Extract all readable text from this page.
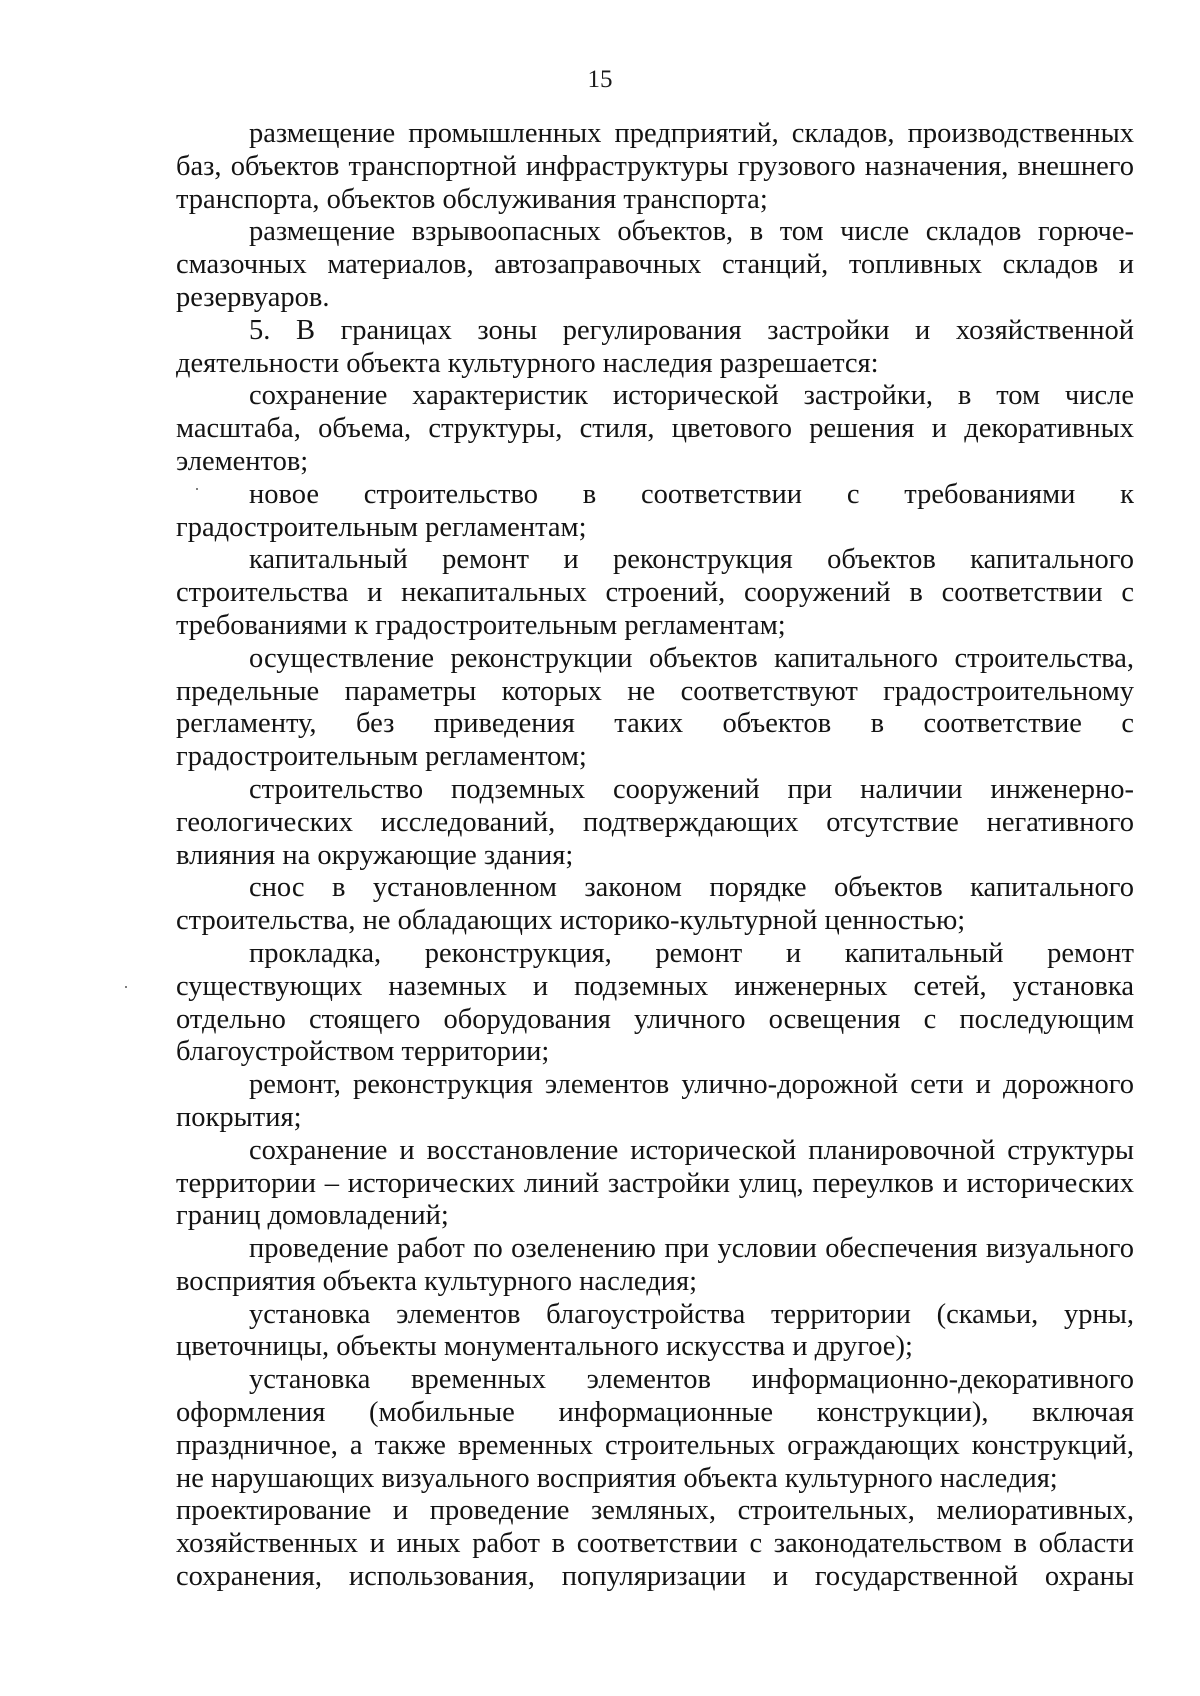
15

размещение промышленных предприятий, складов, производственных баз, объектов транспортной инфраструктуры грузового назначения, внешнего транспорта, объектов обслуживания транспорта;

размещение взрывоопасных объектов, в том числе складов горюче-смазочных материалов, автозаправочных станций, топливных складов и резервуаров.

5. В границах зоны регулирования застройки и хозяйственной деятельности объекта культурного наследия разрешается:

сохранение характеристик исторической застройки, в том числе масштаба, объема, структуры, стиля, цветового решения и декоративных элементов;

новое строительство в соответствии с требованиями к градостроительным регламентам;

капитальный ремонт и реконструкция объектов капитального строительства и некапитальных строений, сооружений в соответствии с требованиями к градостроительным регламентам;

осуществление реконструкции объектов капитального строительства, предельные параметры которых не соответствуют градостроительному регламенту, без приведения таких объектов в соответствие с градостроительным регламентом;

строительство подземных сооружений при наличии инженерно-геологических исследований, подтверждающих отсутствие негативного влияния на окружающие здания;

снос в установленном законом порядке объектов капитального строительства, не обладающих историко-культурной ценностью;

прокладка, реконструкция, ремонт и капитальный ремонт существующих наземных и подземных инженерных сетей, установка отдельно стоящего оборудования уличного освещения с последующим благоустройством территории;

ремонт, реконструкция элементов улично-дорожной сети и дорожного покрытия;

сохранение и восстановление исторической планировочной структуры территории – исторических линий застройки улиц, переулков и исторических границ домовладений;

проведение работ по озеленению при условии обеспечения визуального восприятия объекта культурного наследия;

установка элементов благоустройства территории (скамьи, урны, цветочницы, объекты монументального искусства и другое);

установка временных элементов информационно-декоративного оформления (мобильные информационные конструкции), включая праздничное, а также временных строительных ограждающих конструкций, не нарушающих визуального восприятия объекта культурного наследия;

проектирование и проведение земляных, строительных, мелиоративных, хозяйственных и иных работ в соответствии с законодательством в области сохранения, использования, популяризации и государственной охраны
